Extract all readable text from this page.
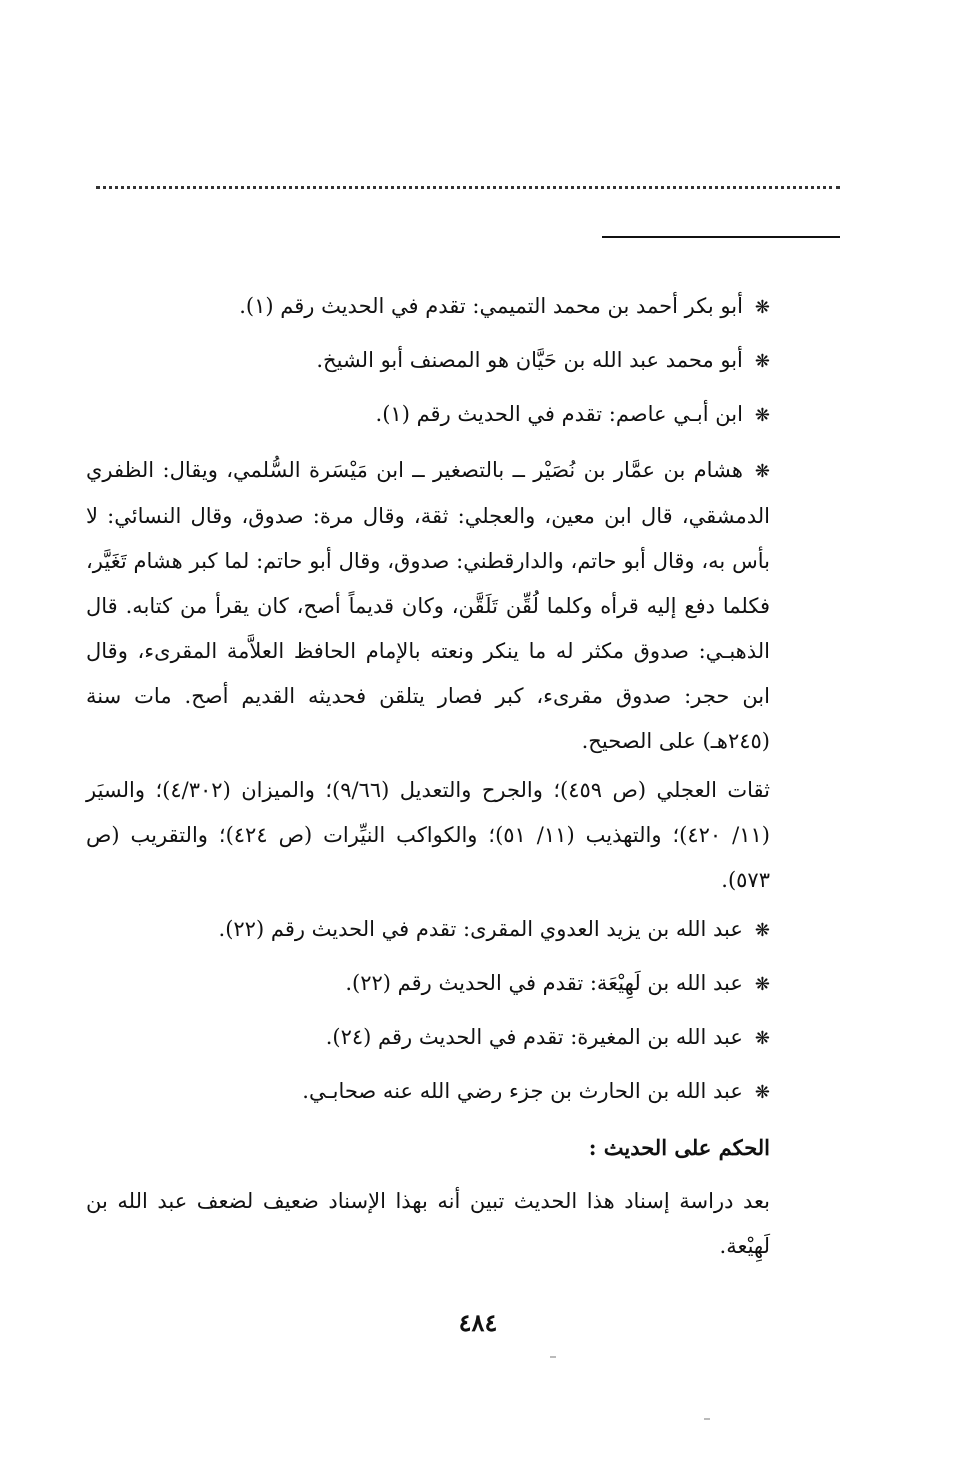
❋أبو بكر أحمد بن محمد التميمي: تقدم في الحديث رقم (١).

❋أبو محمد عبد الله بن حَيَّان هو المصنف أبو الشيخ.

❋ابن أبـي عاصم: تقدم في الحديث رقم (١).

❋هشام بن عمَّار بن نُصَيْر ــ بالتصغير ــ ابن مَيْسَرة السُّلمي، ويقال: الظفري الدمشقي، قال ابن معين، والعجلي: ثقة، وقال مرة: صدوق، وقال النسائي: لا بأس به، وقال أبو حاتم، والدارقطني: صدوق، وقال أبو حاتم: لما كبر هشام تَغَيَّر، فكلما دفع إليه قرأه وكلما لُقِّن تَلَقَّن، وكان قديماً أصح، كان يقرأ من كتابه. قال الذهبـي: صدوق مكثر له ما ينكر ونعته بالإمام الحافظ العلاَّمة المقرىء، وقال ابن حجر: صدوق مقرىء، كبر فصار يتلقن فحديثه القديم أصح. مات سنة (٢٤٥هـ) على الصحيح.

ثقات العجلي (ص ٤٥٩)؛ والجرح والتعديل (٩/٦٦)؛ والميزان (٤/٣٠٢)؛ والسيَر (١١/ ٤٢٠)؛ والتهذيب (١١/ ٥١)؛ والكواكب النيِّرات (ص ٤٢٤)؛ والتقريب (ص ٥٧٣).

❋عبد الله بن يزيد العدوي المقرى: تقدم في الحديث رقم (٢٢).

❋عبد الله بن لَهِيْعَة: تقدم في الحديث رقم (٢٢).

❋عبد الله بن المغيرة: تقدم في الحديث رقم (٢٤).

❋عبد الله بن الحارث بن جزء رضي الله عنه صحابـي.

الحكم على الحديث :

بعد دراسة إسناد هذا الحديث تبين أنه بهذا الإسناد ضعيف لضعف عبد الله بن لَهِيْعة.

٤٨٤
